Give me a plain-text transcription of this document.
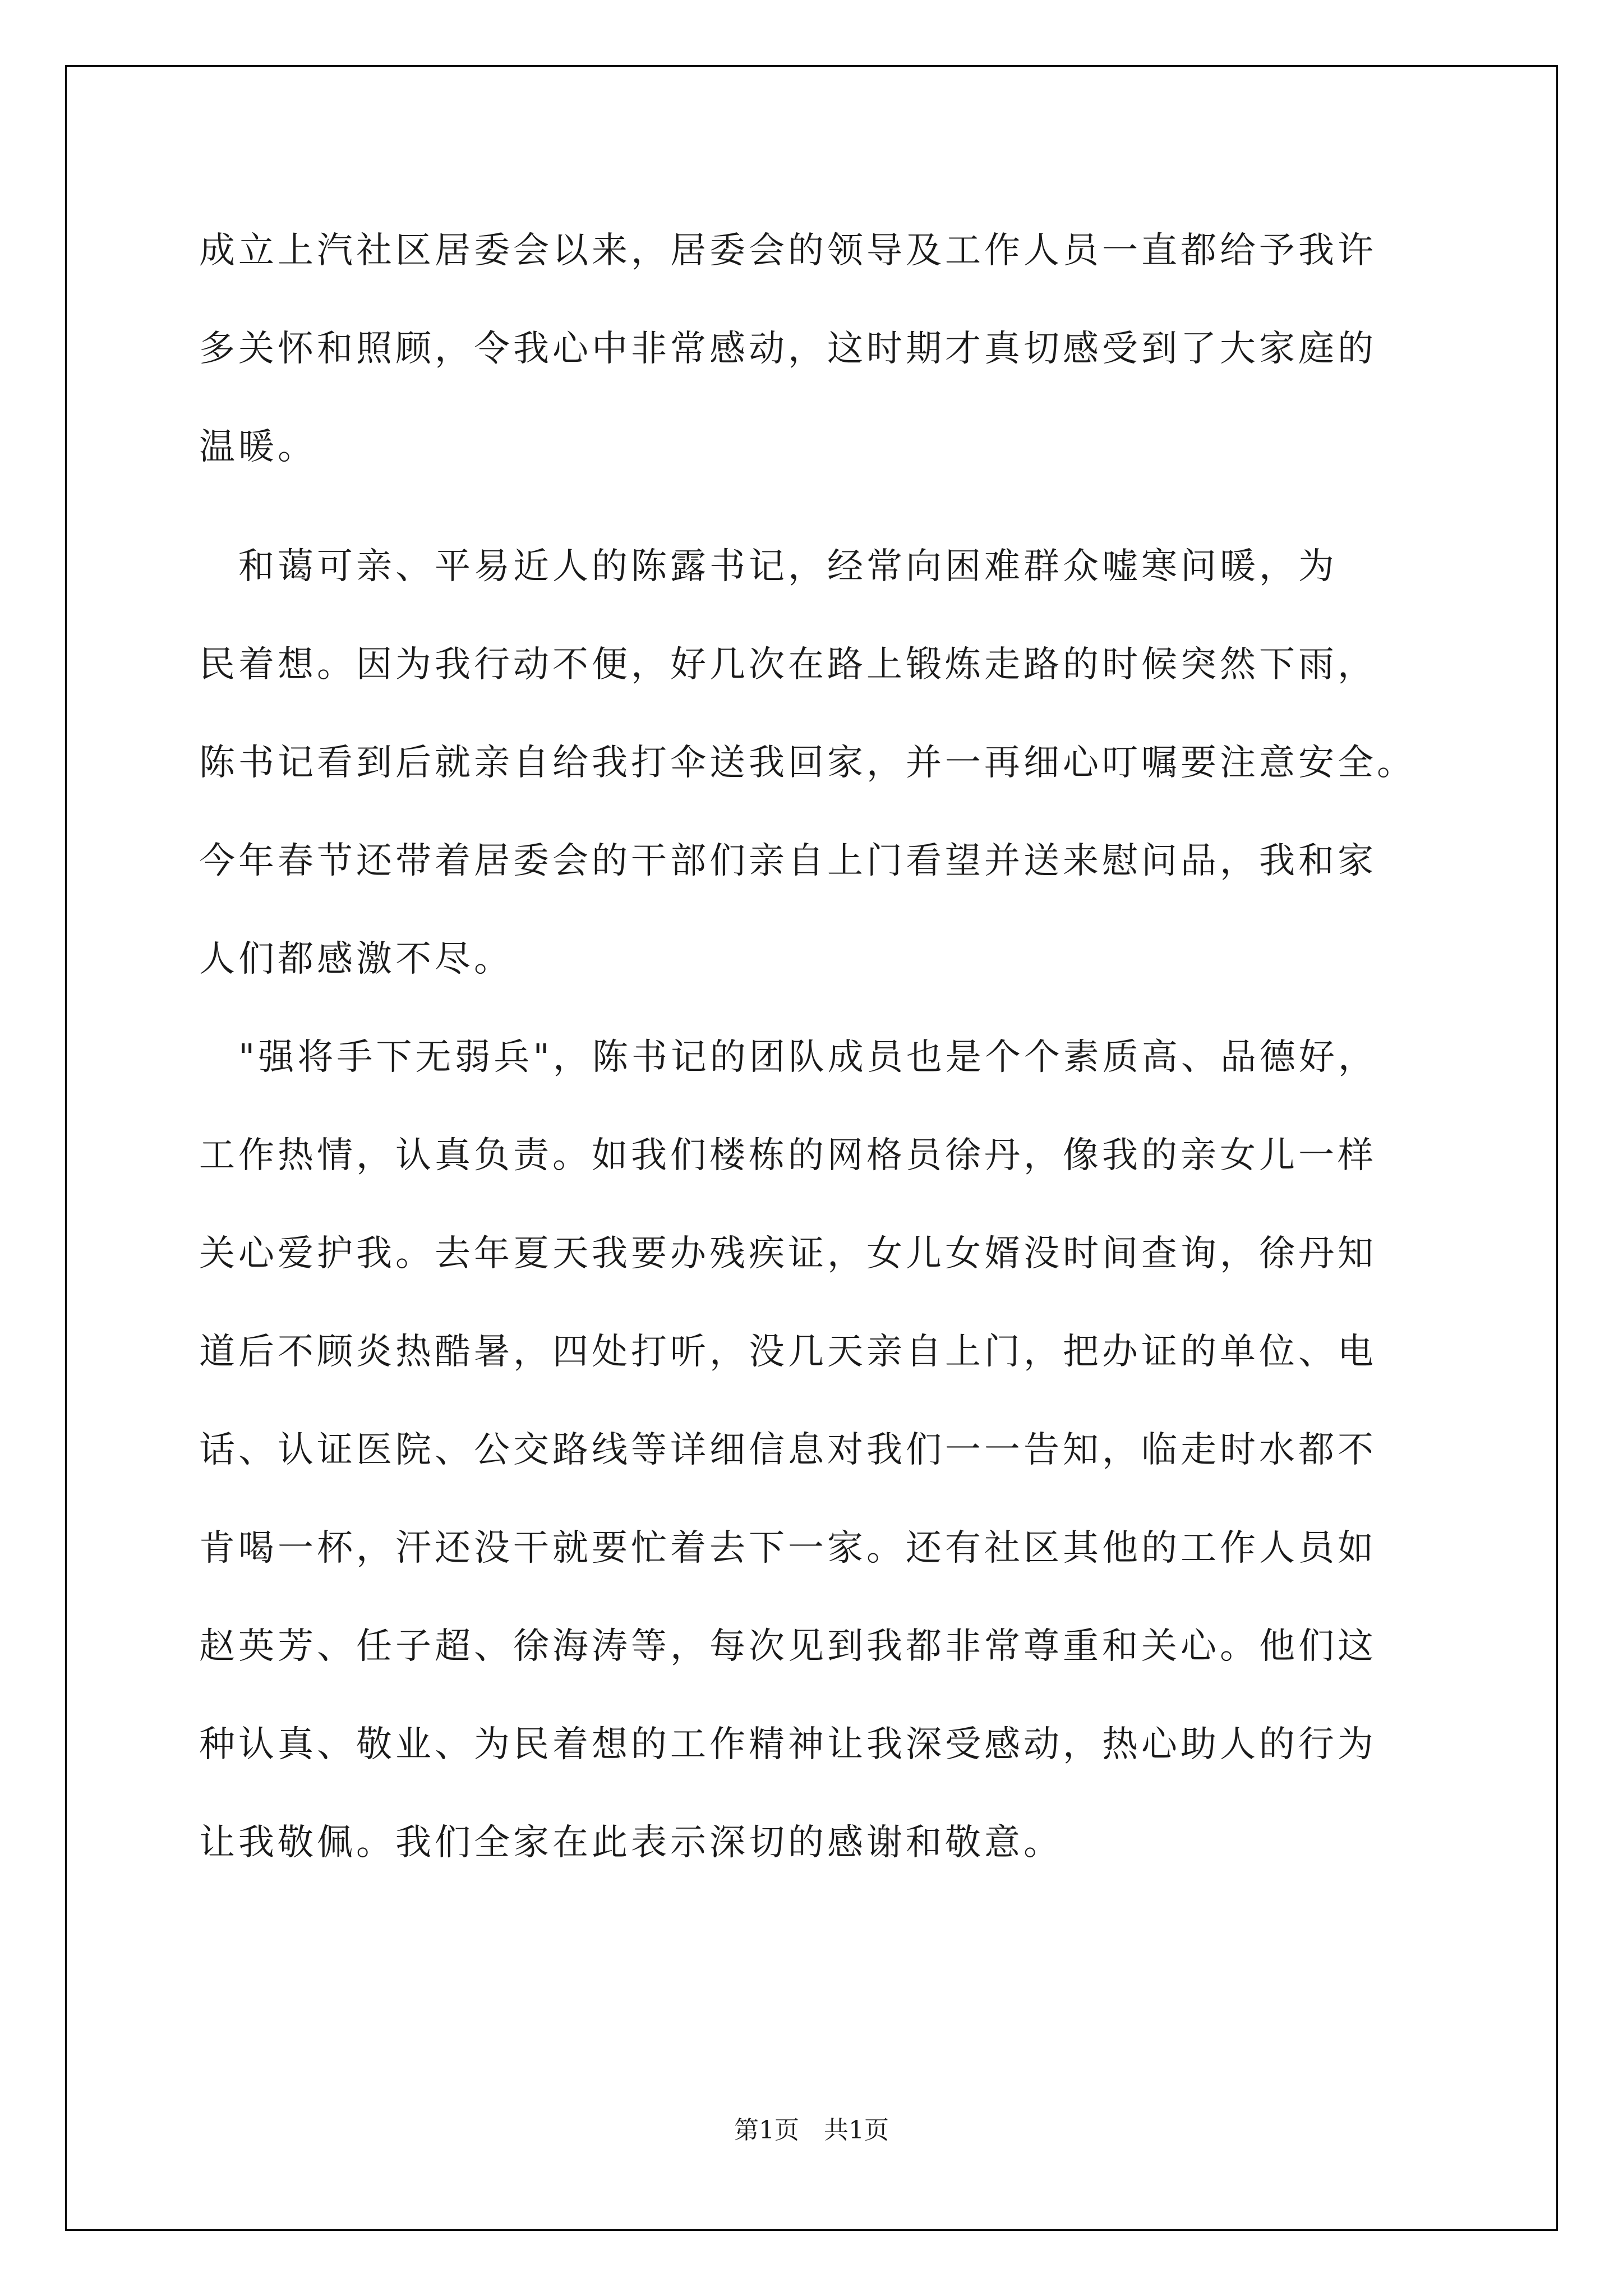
成立上汽社区居委会以来，居委会的领导及工作人员一直都给予我许
多关怀和照顾，令我心中非常感动，这时期才真切感受到了大家庭的
温暖。
　和蔼可亲、平易近人的陈露书记，经常向困难群众嘘寒问暖，为
民着想。因为我行动不便，好几次在路上锻炼走路的时候突然下雨，
陈书记看到后就亲自给我打伞送我回家，并一再细心叮嘱要注意安全。
今年春节还带着居委会的干部们亲自上门看望并送来慰问品，我和家
人们都感激不尽。
　"强将手下无弱兵"，陈书记的团队成员也是个个素质高、品德好，
工作热情，认真负责。如我们楼栋的网格员徐丹，像我的亲女儿一样
关心爱护我。去年夏天我要办残疾证，女儿女婿没时间查询，徐丹知
道后不顾炎热酷暑，四处打听，没几天亲自上门，把办证的单位、电
话、认证医院、公交路线等详细信息对我们一一告知，临走时水都不
肯喝一杯，汗还没干就要忙着去下一家。还有社区其他的工作人员如
赵英芳、任子超、徐海涛等，每次见到我都非常尊重和关心。他们这
种认真、敬业、为民着想的工作精神让我深受感动，热心助人的行为
让我敬佩。我们全家在此表示深切的感谢和敬意。
第1页　共1页
